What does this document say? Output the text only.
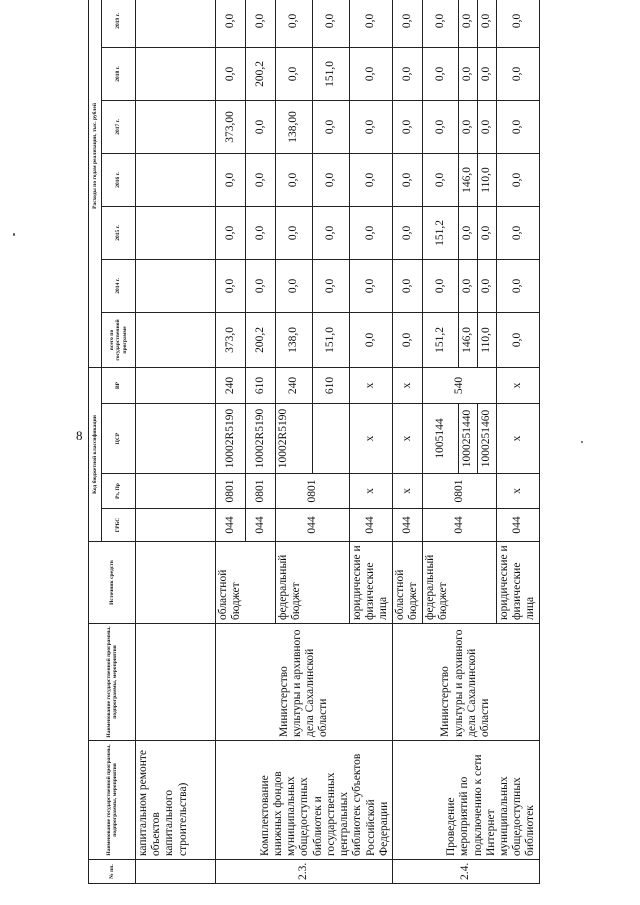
8
№ пп.	Наименование государственной программы, подпрограммы, мероприятия	Наименование государственной программы, подпрограммы, мероприятия	Источник средств	Код бюджетной классификации				Расходы по годам реализации, тыс. рублей							
				ГРБС	Рз, Пр	ЦСР	ВР	всего по государственной программе	2014 г.	2015 г.	2016 г.	2017 г.	2018 г.	2019 г.	

	капитальном ремонте объектов капитального строительства)														
2.3.	Комплектование книжных фондов муниципальных общедоступных библиотек и государственных центральных библиотек субъектов Российской Федерации	Министерство культуры и архивного дела Сахалинской области	областной бюджет	044	0801	10002R5190	240	373,0	0,0	0,0	0,0	373,00	0,0	0,0	
				044	0801	10002R5190	610	200,2	0,0	0,0	0,0	0,0	200,2	0,0	
			федеральный бюджет	044	0801	10002R5190	240	138,0	0,0	0,0	0,0	138,00	0,0	0,0	
							610	151,0	0,0	0,0	0,0	0,0	151,0	0,0	
			юридические и физические лица	044	x	x	x	0,0	0,0	0,0	0,0	0,0	0,0	0,0	
2.4.	Проведение мероприятий по подключению к сети Интернет муниципальных общедоступных библиотек	Министерство культуры и архивного дела Сахалинской области	областной бюджет	044	x	x	x	0,0	0,0	0,0	0,0	0,0	0,0	0,0	
			федеральный бюджет	044	0801	1005144	540	151,2	0,0	151,2	0,0	0,0	0,0	0,0	
						1000251440		146,0	0,0	0,0	146,0	0,0	0,0	0,0	
						1000251460		110,0	0,0	0,0	110,0	0,0	0,0	0,0	
			юридические и физические лица	044	x	x	x	0,0	0,0	0,0	0,0	0,0	0,0	0,0	
